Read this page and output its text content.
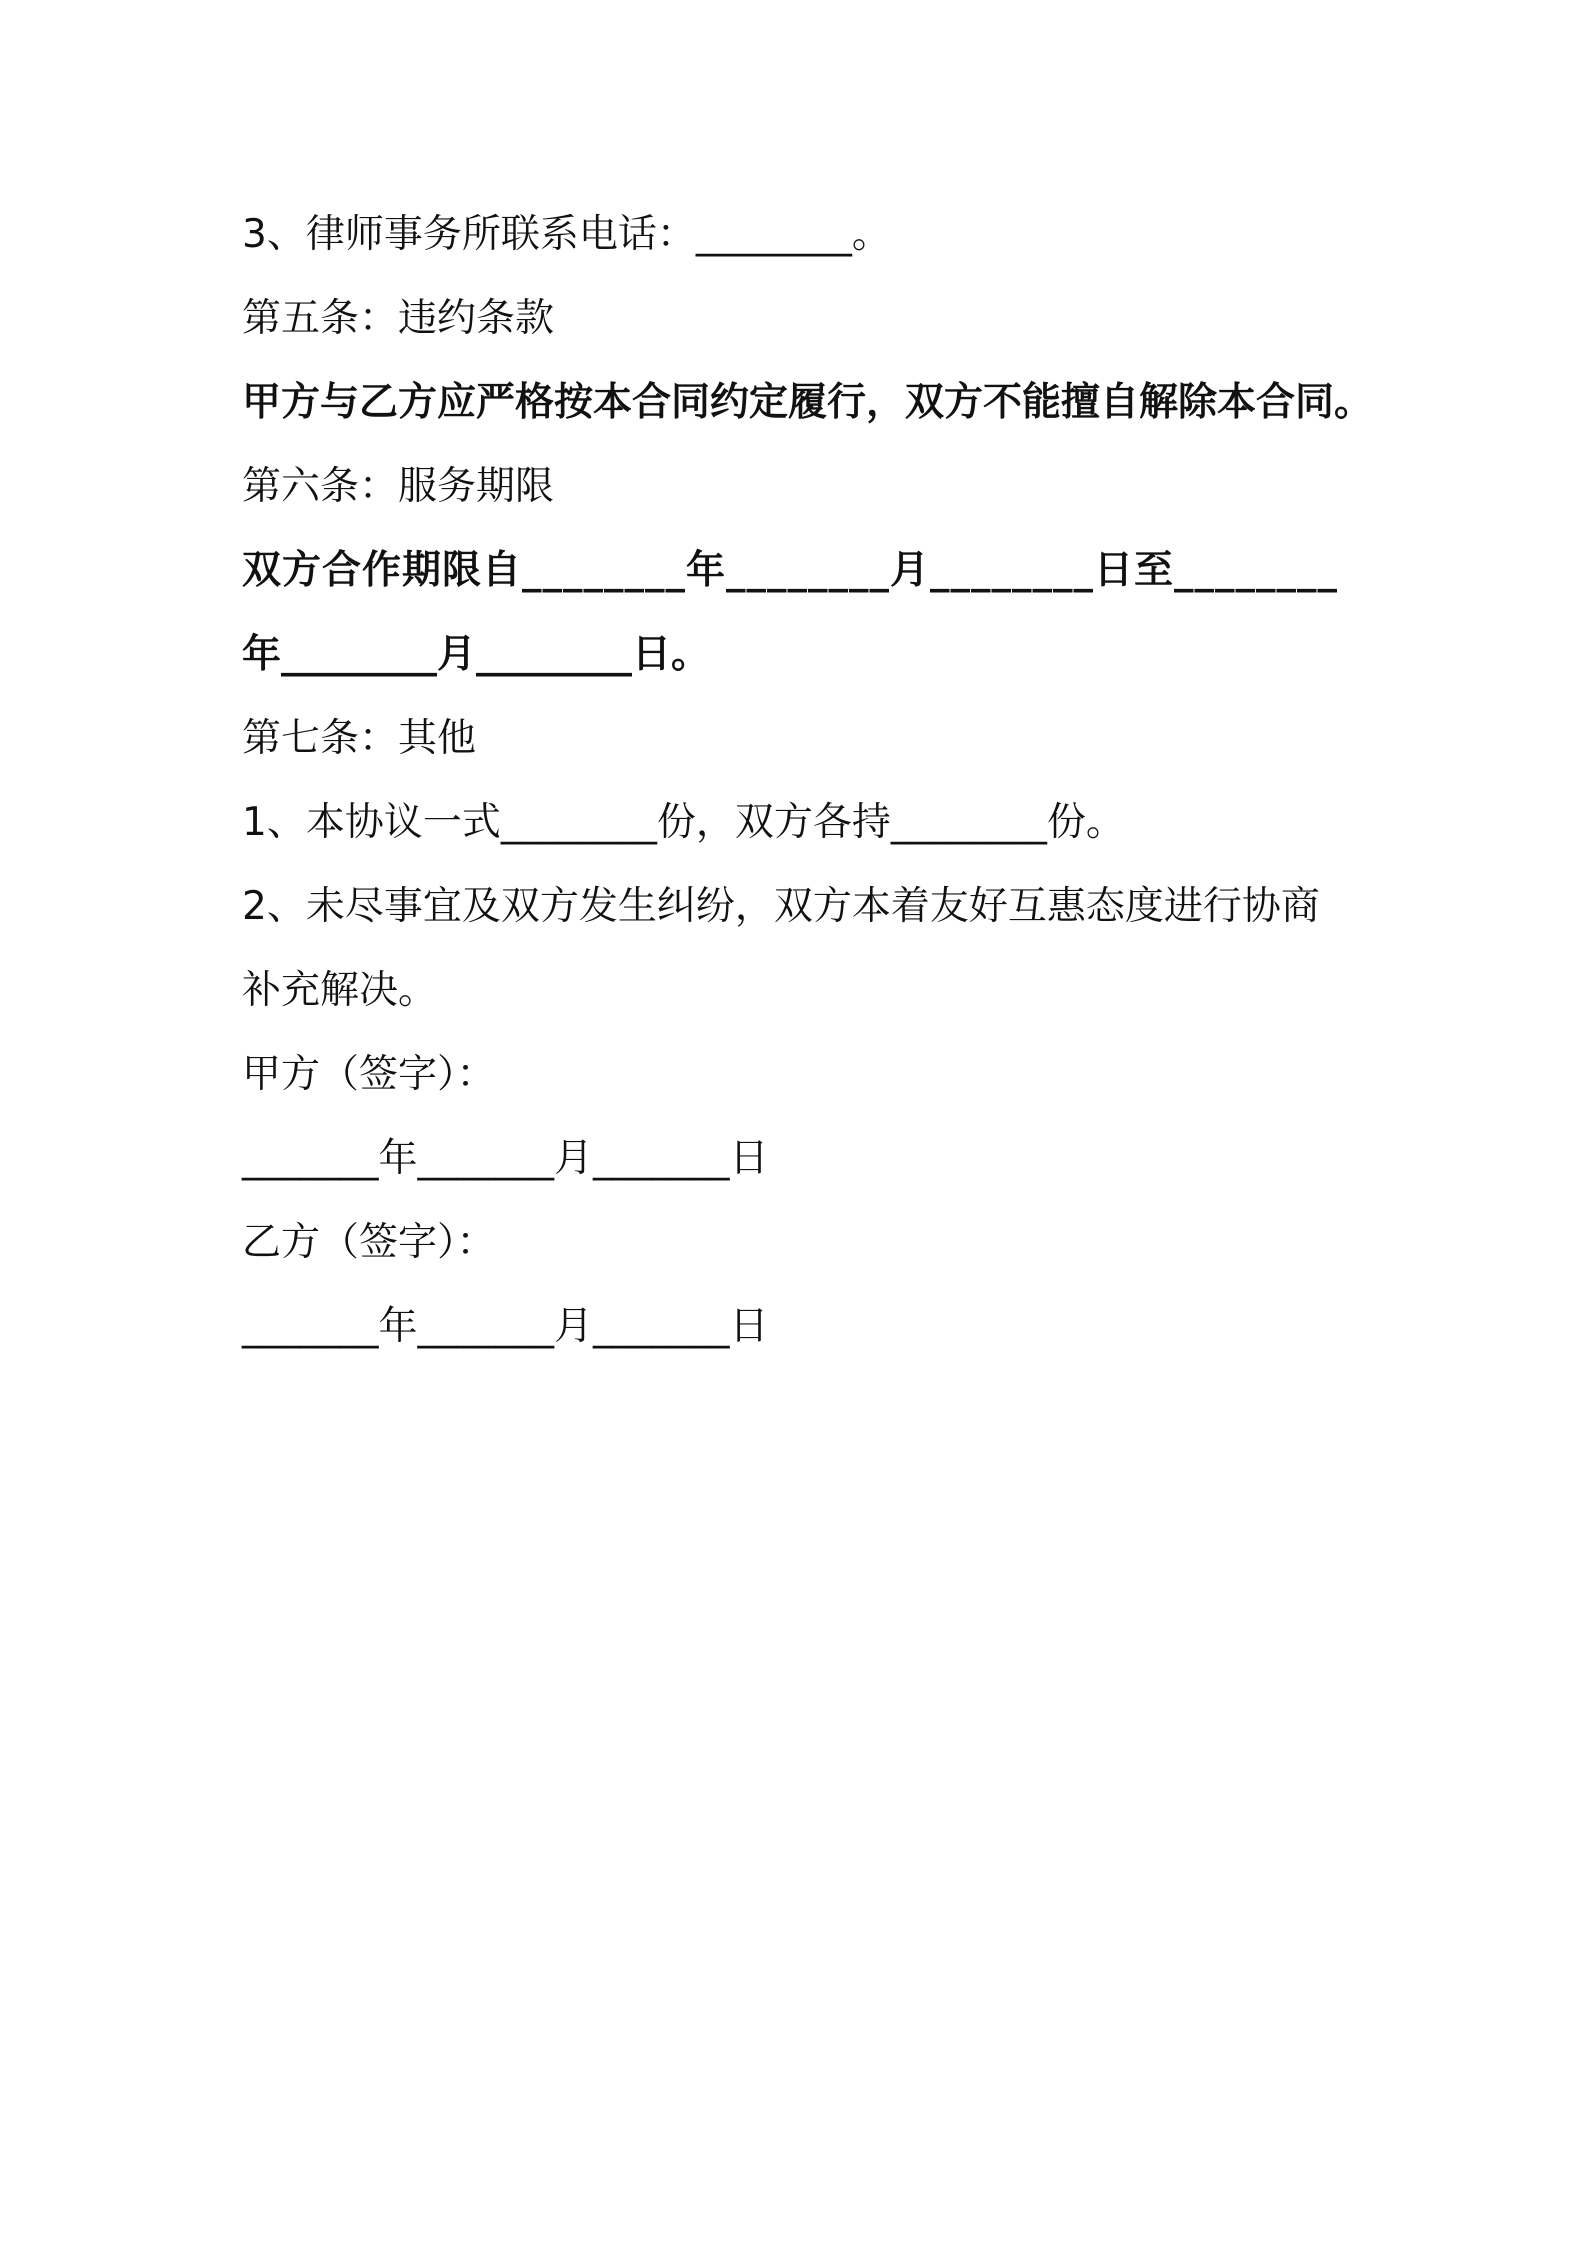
3、律师事务所联系电话：________。

第五条：违约条款

甲方与乙方应严格按本合同约定履行，双方不能擅自解除本合同。

第六条：服务期限

双方合作期限自________年________月________日至________

年________月________日。

第七条：其他

1、本协议一式________份，双方各持________份。

2、未尽事宜及双方发生纠纷，双方本着友好互惠态度进行协商

补充解决。

甲方（签字）：

_______年_______月_______日

乙方（签字）：

_______年_______月_______日
